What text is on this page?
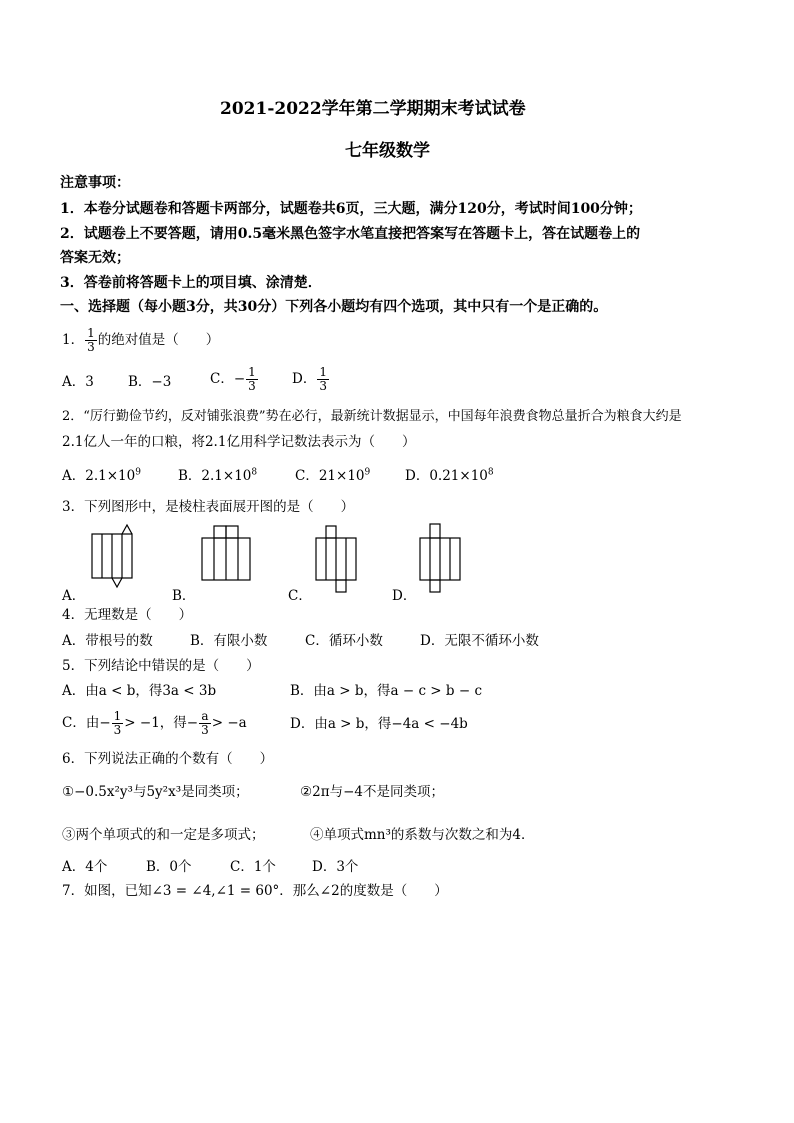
2021-2022学年第二学期期末考试试卷
七年级数学
注意事项：
1．本卷分试题卷和答题卡两部分，试题卷共6页，三大题，满分120分，考试时间100分钟；
2．试题卷上不要答题，请用0.5毫米黑色签字水笔直接把答案写在答题卡上，答在试题卷上的
答案无效；
3．答卷前将答题卡上的项目填、涂清楚．
一、选择题（每小题3分，共30分）下列各小题均有四个选项，其中只有一个是正确的。
1． $\frac{1}{3}$ 的绝对值是（　　）
A．3	B．−3	C．− $\frac{1}{3}$	D． $\frac{1}{3}$
2．“厉行勤俭节约，反对铺张浪费”势在必行，最新统计数据显示，中国每年浪费食物总量折合为粮食大约是
2.1亿人一年的口粮，将2.1亿用科学记数法表示为（　　）
A．$2.1\times 10^9$	B．$2.1\times 10^8$	C．$21\times 10^9$	D．$0.21\times 10^8$
3．下列图形中，是棱柱表面展开图的是（　　）
A．	B．	C．	D．
4．无理数是（　　）
A．带根号的数	B．有限小数	C．循环小数	D．无限不循环小数
5．下列结论中错误的是（　　）
A．由a < b，得3a < 3b	B．由a > b，得a − c > b − c
C．由− $\frac{1}{3} > -1$，得− $\frac{a}{3} > -a$	D．由a > b，得−4a < −4b
6．下列说法正确的个数有（　　）
①−0.5x²y³与5y²x³是同类项；	②2π与−4不是同类项；
③两个单项式的和一定是多项式；	④单项式mn³的系数与次数之和为4．
A．4个	B．0个	C．1个	D．3个
7．如图，已知∠3 = ∠4,∠1 = 60°．那么∠2的度数是（　　）
